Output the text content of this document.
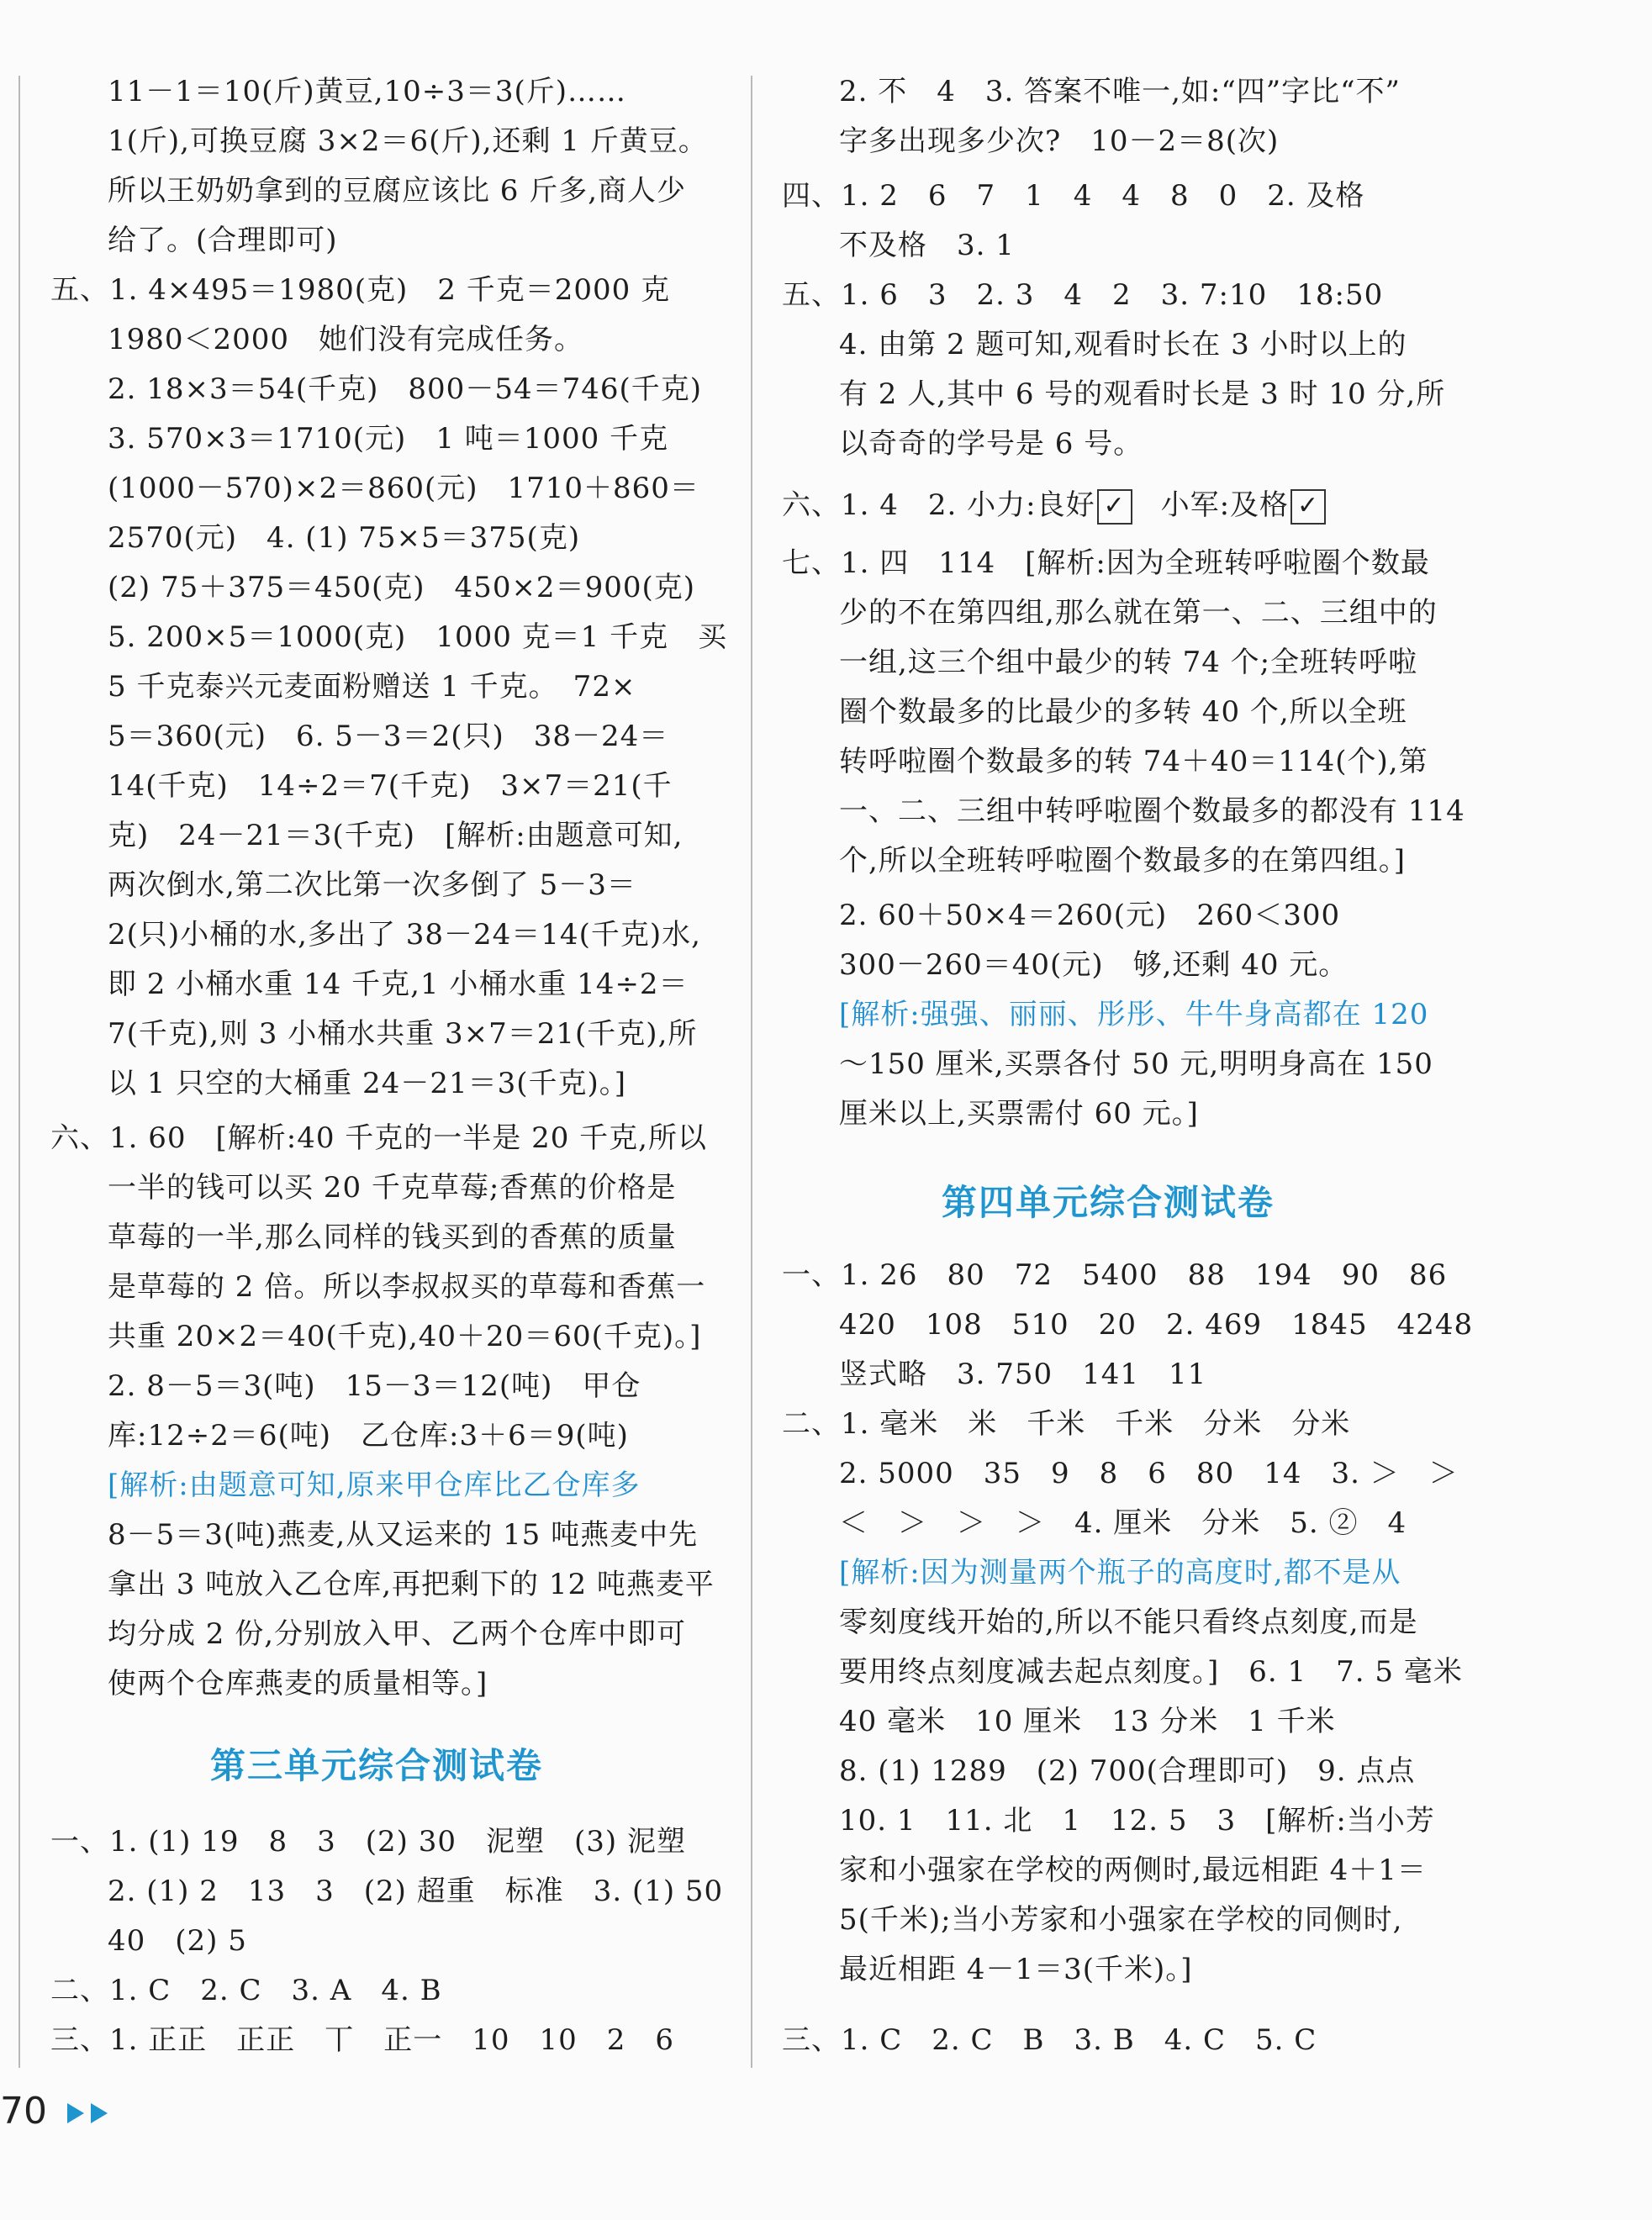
11－1＝10(斤)黄豆,10÷3＝3(斤)……
1(斤),可换豆腐 3×2＝6(斤),还剩 1 斤黄豆。
所以王奶奶拿到的豆腐应该比 6 斤多,商人少
给了。(合理即可)
五、1. 4×495＝1980(克)　2 千克＝2000 克
1980＜2000　她们没有完成任务。
2. 18×3＝54(千克)　800－54＝746(千克)
3. 570×3＝1710(元)　1 吨＝1000 千克
(1000－570)×2＝860(元)　1710＋860＝
2570(元)　4. (1) 75×5＝375(克)
(2) 75＋375＝450(克)　450×2＝900(克)
5. 200×5＝1000(克)　1000 克＝1 千克　买
5 千克泰兴元麦面粉赠送 1 千克。　72×
5＝360(元)　6. 5－3＝2(只)　38－24＝
14(千克)　14÷2＝7(千克)　3×7＝21(千
克)　24－21＝3(千克)　[解析:由题意可知,
两次倒水,第二次比第一次多倒了 5－3＝
2(只)小桶的水,多出了 38－24＝14(千克)水,
即 2 小桶水重 14 千克,1 小桶水重 14÷2＝
7(千克),则 3 小桶水共重 3×7＝21(千克),所
以 1 只空的大桶重 24－21＝3(千克)。]
六、1. 60　[解析:40 千克的一半是 20 千克,所以
一半的钱可以买 20 千克草莓;香蕉的价格是
草莓的一半,那么同样的钱买到的香蕉的质量
是草莓的 2 倍。所以李叔叔买的草莓和香蕉一
共重 20×2＝40(千克),40＋20＝60(千克)。]
2. 8－5＝3(吨)　15－3＝12(吨)　甲仓
库:12÷2＝6(吨)　乙仓库:3＋6＝9(吨)
[解析:由题意可知,原来甲仓库比乙仓库多
8－5＝3(吨)燕麦,从又运来的 15 吨燕麦中先
拿出 3 吨放入乙仓库,再把剩下的 12 吨燕麦平
均分成 2 份,分别放入甲、乙两个仓库中即可
使两个仓库燕麦的质量相等。]
第三单元综合测试卷
一、1. (1) 19　8　3　(2) 30　泥塑　(3) 泥塑
2. (1) 2　13　3　(2) 超重　标准　3. (1) 50
40　(2) 5
二、1. C　2. C　3. A　4. B
三、1. 正正　正正　丅　正一　10　10　2　6
2. 不　4　3. 答案不唯一,如:“四”字比“不”
字多出现多少次?　10－2＝8(次)
四、1. 2　6　7　1　4　4　8　0　2. 及格
不及格　3. 1
五、1. 6　3　2. 3　4　2　3. 7:10　18:50
4. 由第 2 题可知,观看时长在 3 小时以上的
有 2 人,其中 6 号的观看时长是 3 时 10 分,所
以奇奇的学号是 6 号。
六、1. 4　2. 小力:良好 ✓ 小军:及格 ✓
七、1. 四　114　[解析:因为全班转呼啦圈个数最
少的不在第四组,那么就在第一、二、三组中的
一组,这三个组中最少的转 74 个;全班转呼啦
圈个数最多的比最少的多转 40 个,所以全班
转呼啦圈个数最多的转 74＋40＝114(个),第
一、二、三组中转呼啦圈个数最多的都没有 114
个,所以全班转呼啦圈个数最多的在第四组。]
2. 60＋50×4＝260(元)　260＜300
300－260＝40(元)　够,还剩 40 元。
[解析:强强、丽丽、彤彤、牛牛身高都在 120
～150 厘米,买票各付 50 元,明明身高在 150
厘米以上,买票需付 60 元。]
第四单元综合测试卷
一、1. 26　80　72　5400　88　194　90　86
420　108　510　20　2. 469　1845　4248
竖式略　3. 750　141　11
二、1. 毫米　米　千米　千米　分米　分米
2. 5000　35　9　8　6　80　14　3. ＞　＞
＜　＞　＞　＞　4. 厘米　分米　5. ②　4
[解析:因为测量两个瓶子的高度时,都不是从
零刻度线开始的,所以不能只看终点刻度,而是
要用终点刻度减去起点刻度。]　6. 1　7. 5 毫米
40 毫米　10 厘米　13 分米　1 千米
8. (1) 1289　(2) 700(合理即可)　9. 点点
10. 1　11. 北　1　12. 5　3　[解析:当小芳
家和小强家在学校的两侧时,最远相距 4＋1＝
5(千米);当小芳家和小强家在学校的同侧时,
最近相距 4－1＝3(千米)。]
三、1. C　2. C　B　3. B　4. C　5. C
70
